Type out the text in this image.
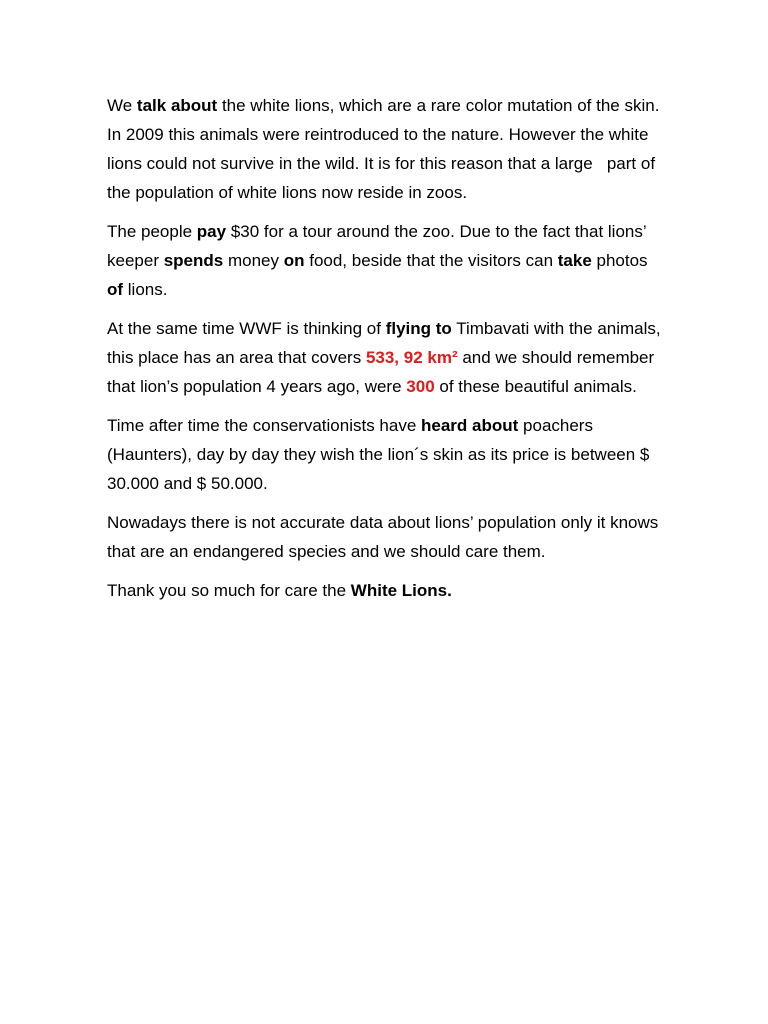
We talk about the white lions, which are a rare color mutation of the skin. In 2009 this animals were reintroduced to the nature. However the white lions could not survive in the wild. It is for this reason that a large   part of the population of white lions now reside in zoos.

The people pay $30 for a tour around the zoo. Due to the fact that lions’ keeper spends money on food, beside that the visitors can take photos of lions.

At the same time WWF is thinking of flying to Timbavati with the animals, this place has an area that covers 533, 92 km² and we should remember that lion’s population 4 years ago, were 300 of these beautiful animals.

Time after time the conservationists have heard about poachers (Haunters), day by day they wish the lion´s skin as its price is between $ 30.000 and $ 50.000.

Nowadays there is not accurate data about lions’ population only it knows that are an endangered species and we should care them.

Thank you so much for care the White Lions.
